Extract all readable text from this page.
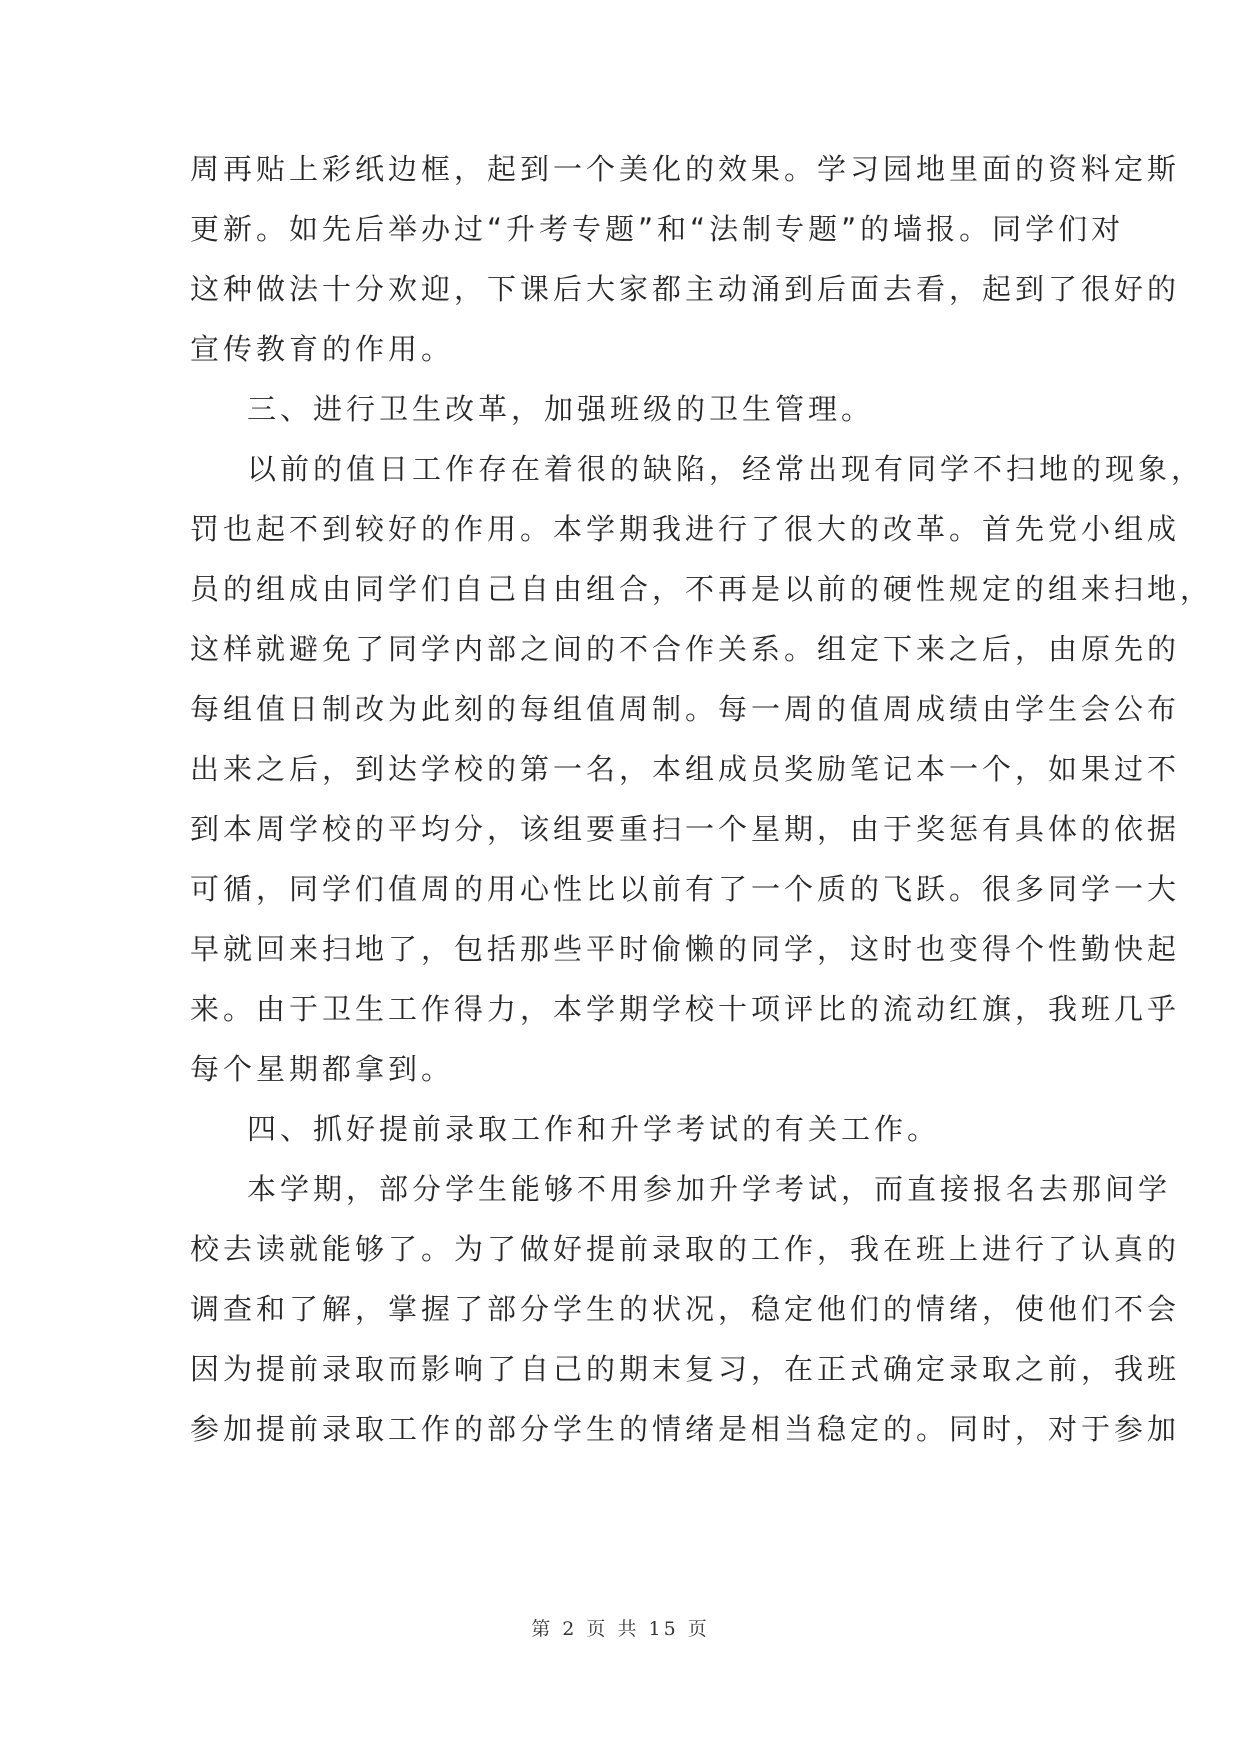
周再贴上彩纸边框，起到一个美化的效果。学习园地里面的资料定斯

更新。如先后举办过“升考专题”和“法制专题”的墙报。同学们对

这种做法十分欢迎，下课后大家都主动涌到后面去看，起到了很好的

宣传教育的作用。

三、进行卫生改革，加强班级的卫生管理。

以前的值日工作存在着很的缺陷，经常出现有同学不扫地的现象，

罚也起不到较好的作用。本学期我进行了很大的改革。首先党小组成

员的组成由同学们自己自由组合，不再是以前的硬性规定的组来扫地，

这样就避免了同学内部之间的不合作关系。组定下来之后，由原先的

每组值日制改为此刻的每组值周制。每一周的值周成绩由学生会公布

出来之后，到达学校的第一名，本组成员奖励笔记本一个，如果过不

到本周学校的平均分，该组要重扫一个星期，由于奖惩有具体的依据

可循，同学们值周的用心性比以前有了一个质的飞跃。很多同学一大

早就回来扫地了，包括那些平时偷懒的同学，这时也变得个性勤快起

来。由于卫生工作得力，本学期学校十项评比的流动红旗，我班几乎

每个星期都拿到。

四、抓好提前录取工作和升学考试的有关工作。

本学期，部分学生能够不用参加升学考试，而直接报名去那间学

校去读就能够了。为了做好提前录取的工作，我在班上进行了认真的

调查和了解，掌握了部分学生的状况，稳定他们的情绪，使他们不会

因为提前录取而影响了自己的期末复习，在正式确定录取之前，我班

参加提前录取工作的部分学生的情绪是相当稳定的。同时，对于参加

第 2 页 共 15 页
